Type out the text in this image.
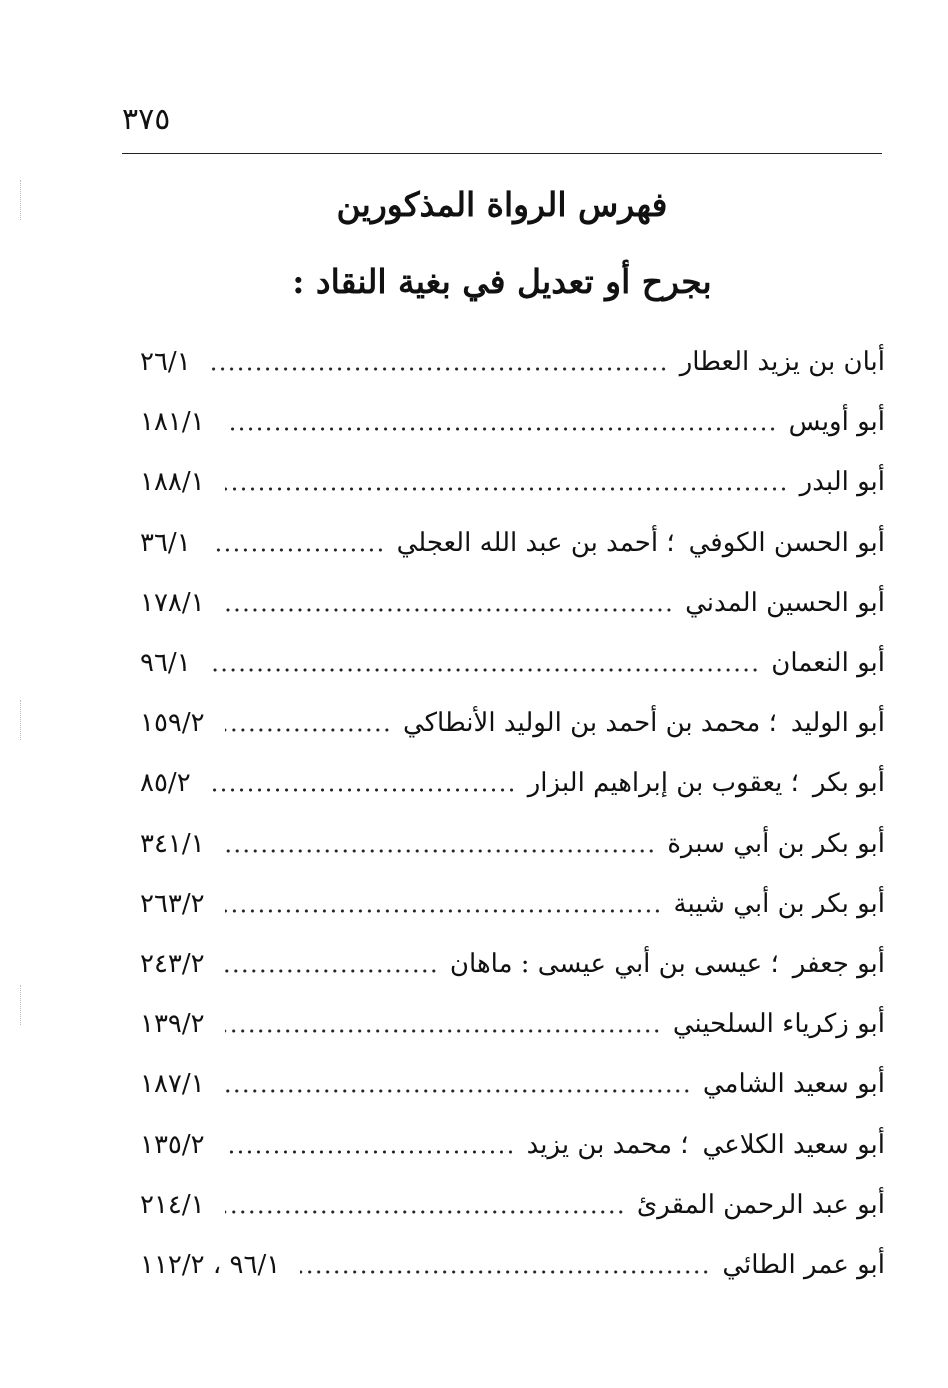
٣٧٥
فهرس الرواة المذكورين
بجرح أو تعديل في بغية النقاد :
أبان بن يزيد العطار
٢٦/١
أبو أويس
١٨١/١
أبو البدر
١٨٨/١
أبو الحسن الكوفي
؛ أحمد بن عبد الله العجلي
٣٦/١
أبو الحسين المدني
١٧٨/١
أبو النعمان
٩٦/١
أبو الوليد
؛ محمد بن أحمد بن الوليد الأنطاكي
١٥٩/٢
أبو بكر
؛ يعقوب بن إبراهيم البزار
٨٥/٢
أبو بكر بن أبي سبرة
٣٤١/١
أبو بكر بن أبي شيبة
٢٦٣/٢
أبو جعفر
؛ عيسى بن أبي عيسى : ماهان
٢٤٣/٢
أبو زكرياء السلحيني
١٣٩/٢
أبو سعيد الشامي
١٨٧/١
أبو سعيد الكلاعي
؛ محمد بن يزيد
١٣٥/٢
أبو عبد الرحمن المقرئ
٢١٤/١
أبو عمر الطائي
٩٦/١ ، ١١٢/٢
